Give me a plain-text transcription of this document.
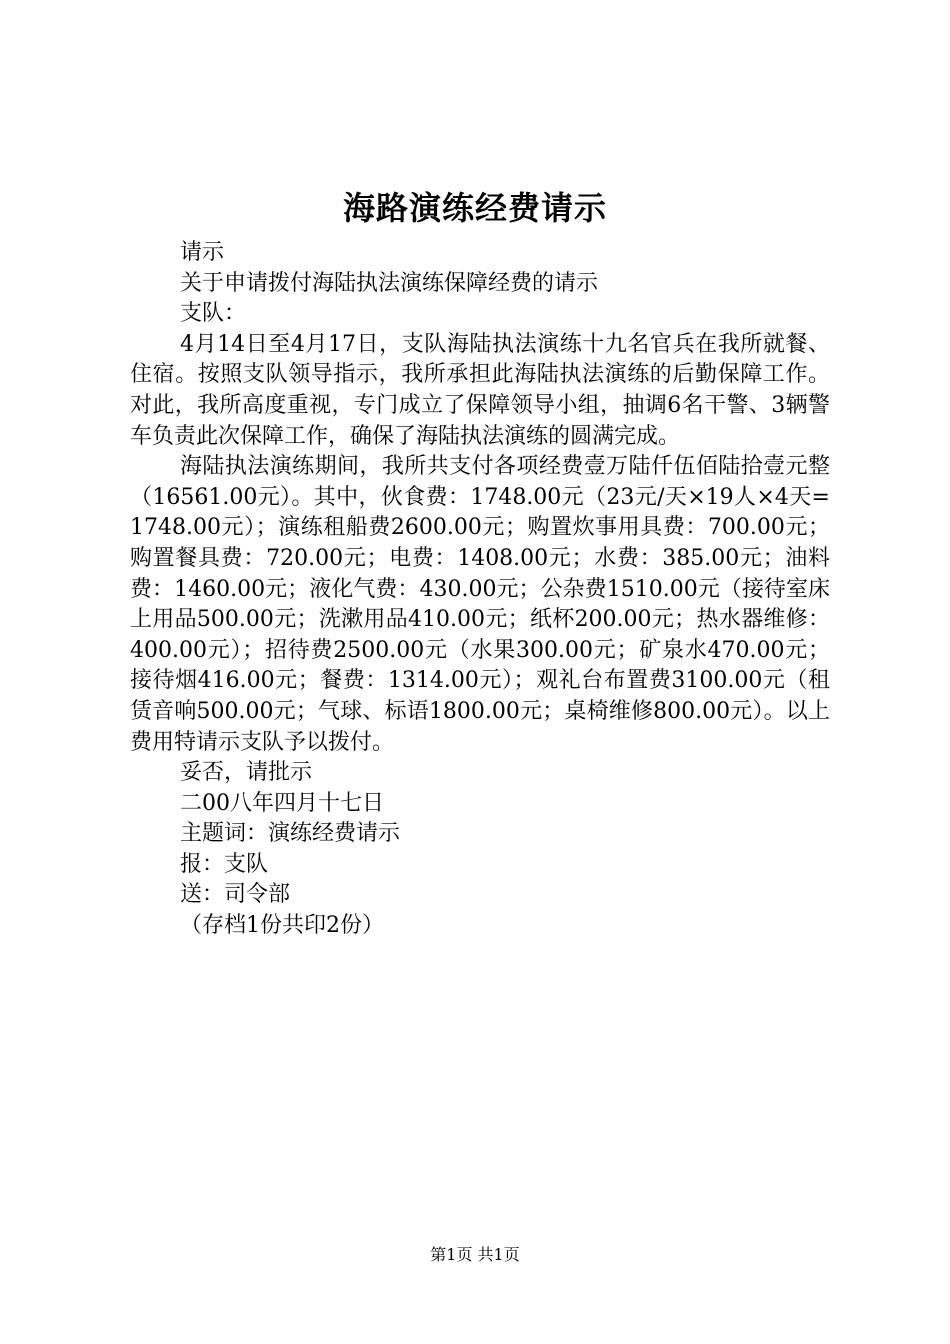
海路演练经费请示

请示

关于申请拨付海陆执法演练保障经费的请示

支队：

4月14日至4月17日，支队海陆执法演练十九名官兵在我所就餐、住宿。按照支队领导指示，我所承担此海陆执法演练的后勤保障工作。对此，我所高度重视，专门成立了保障领导小组，抽调6名干警、3辆警车负责此次保障工作，确保了海陆执法演练的圆满完成。

海陆执法演练期间，我所共支付各项经费壹万陆仟伍佰陆拾壹元整（16561.00元）。其中，伙食费：1748.00元（23元/天×19人×4天= 1748.00元）；演练租船费2600.00元；购置炊事用具费：700.00元；购置餐具费：720.00元；电费：1408.00元；水费：385.00元；油料费：1460.00元；液化气费：430.00元；公杂费1510.00元（接待室床上用品500.00元；洗漱用品410.00元；纸杯200.00元；热水器维修：400.00元）；招待费2500.00元（水果300.00元；矿泉水470.00元；接待烟416.00元；餐费：1314.00元）；观礼台布置费3100.00元（租赁音响500.00元；气球、标语1800.00元；桌椅维修800.00元）。以上费用特请示支队予以拨付。

妥否，请批示

二00八年四月十七日

主题词：演练经费请示

报：支队

送：司令部

（存档1份共印2份）

第1页 共1页
